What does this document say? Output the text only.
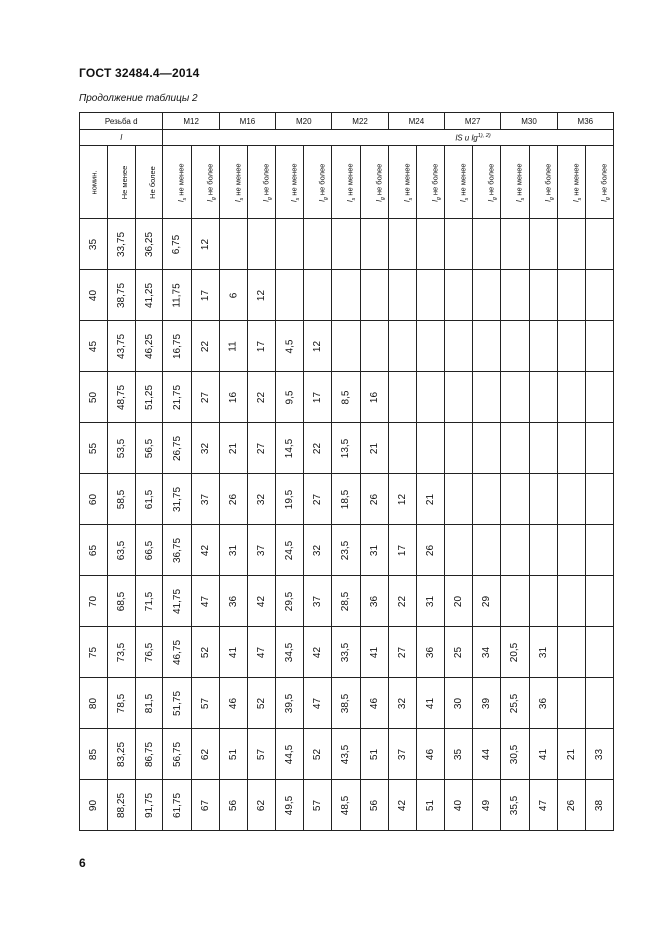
ГОСТ 32484.4—2014
Продолжение таблицы 2
Резьба d			M12		M16		M20		M22		M24		M27		M30		M36	
l			lS и $\lg^{1), 2)}$
номин.	Не менее	Не более	$l_s$ не менее	$l_g$ не более	$l_s$ не менее	$l_g$ не более	$l_s$ не менее	$l_g$ не более	$l_s$ не менее	$l_g$ не более	$l_s$ не менее	$l_g$ не более	$l_s$ не менее	$l_g$ не более	$l_s$ не менее	$l_g$ не более	$l_s$ не менее	$l_g$ не более
35	33,75	36,25	6,75	12														
40	38,75	41,25	11,75	17	6	12												
45	43,75	46,25	16,75	22	11	17	4,5	12										
50	48,75	51,25	21,75	27	16	22	9,5	17	8,5	16								
55	53,5	56,5	26,75	32	21	27	14,5	22	13,5	21								
60	58,5	61,5	31,75	37	26	32	19,5	27	18,5	26	12	21						
65	63,5	66,5	36,75	42	31	37	24,5	32	23,5	31	17	26						
70	68,5	71,5	41,75	47	36	42	29,5	37	28,5	36	22	31	20	29				
75	73,5	76,5	46,75	52	41	47	34,5	42	33,5	41	27	36	25	34	20,5	31		
80	78,5	81,5	51,75	57	46	52	39,5	47	38,5	46	32	41	30	39	25,5	36		
85	83,25	86,75	56,75	62	51	57	44,5	52	43,5	51	37	46	35	44	30,5	41	21	33
90	88,25	91,75	61,75	67	56	62	49,5	57	48,5	56	42	51	40	49	35,5	47	26	38
6
